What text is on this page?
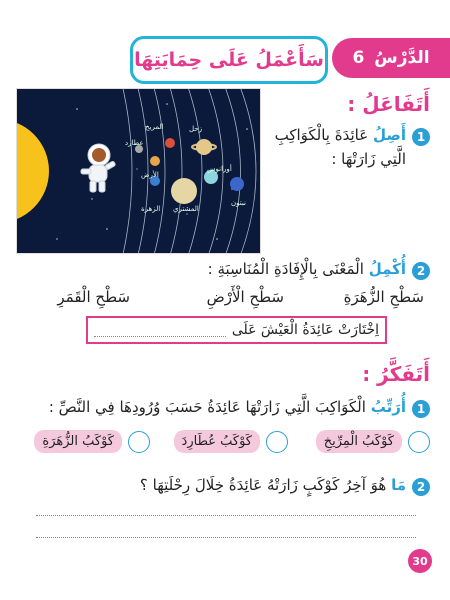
الدَّرْسُ
6
سَأَعْمَلُ عَلَى حِمَايَتِهَا
المريخ
عطارد
الأرض
الزهرة
زحل
المشتري
أورانوس
نبتون
أَتَفَاعَلُ :
1
أَصِلُ عَائِدَةَ بِالْكَوَاكِبِ
الَّتِي زَارَتْهَا :
2
أُكْمِلُ الْمَعْنَى بِالْإِفَادَةِ الْمُنَاسِبَةِ :
سَطْحِ الزُّهَرَةِ
سَطْحِ الْأَرْضِ
سَطْحِ الْقَمَرِ
اِخْتَارَتْ عَائِدَةُ الْعَيْشَ عَلَى
أَتَفَكَّرُ :
1
أُرَتِّبُ الْكَوَاكِبَ الَّتِي زَارَتْهَا عَائِدَةُ حَسَبَ وُرُودِهَا فِي النَّصِّ :
كَوْكَبُ الْمِرِّيخِ
كَوْكَبُ عُطَارِدَ
كَوْكَبُ الزُّهَرَةِ
2
مَا هُوَ آخِرُ كَوْكَبٍ زَارَتْهُ عَائِدَةُ خِلَالَ رِحْلَتِهَا ؟
30
